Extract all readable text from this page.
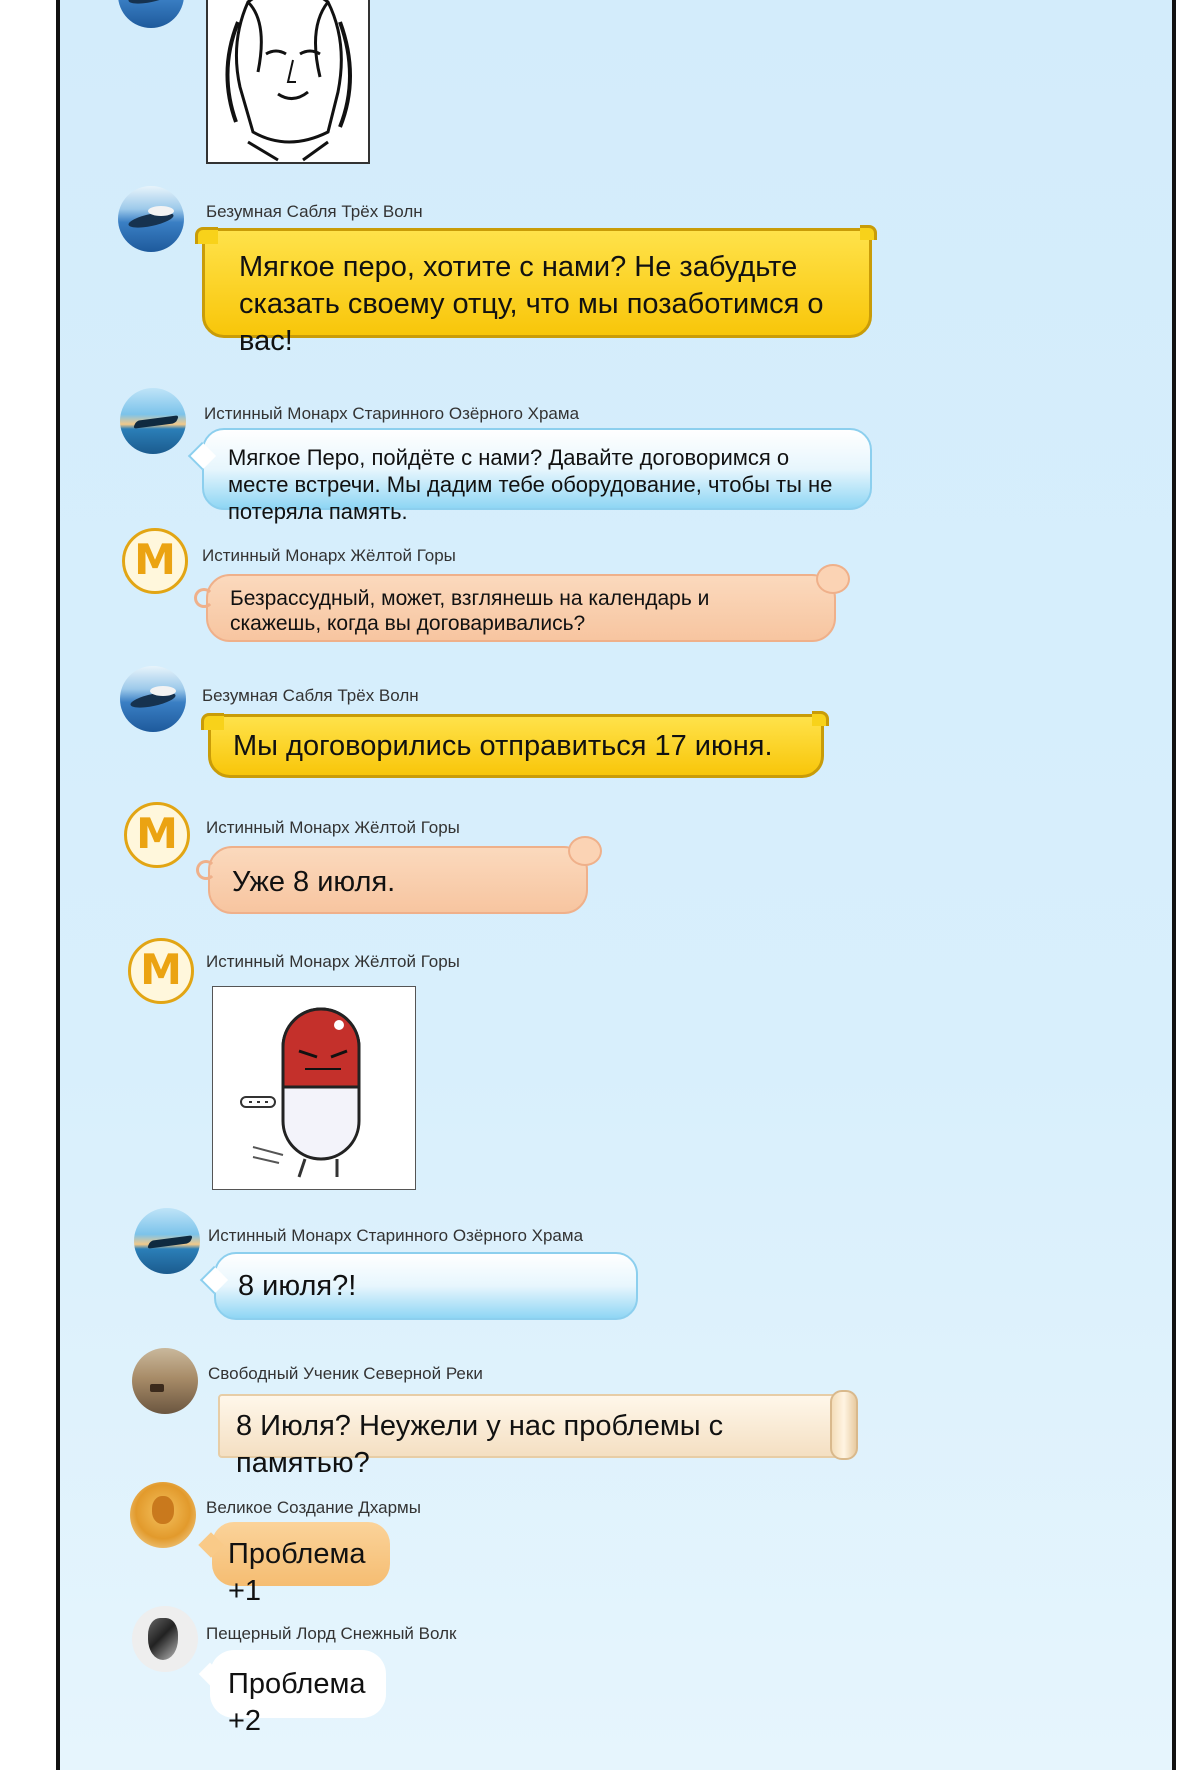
Безумная Сабля Трёх Волн
Мягкое перо, хотите с нами? Не забудьте сказать своему отцу, что мы позаботимся о вас!
Истинный Монарх Старинного Озёрного Храма
Мягкое Перо, пойдёте с нами? Давайте договоримся о месте встречи. Мы дадим тебе оборудование, чтобы ты не потеряла память.
M	Истинный Монарх Жёлтой Горы
Безрассудный, может, взглянешь на календарь и скажешь, когда вы договаривались?
Безумная Сабля Трёх Волн
Мы договорились отправиться 17 июня.
M	Истинный Монарх Жёлтой Горы
Уже 8 июля.
M	Истинный Монарх Жёлтой Горы
Истинный Монарх Старинного Озёрного Храма
8 июля?!
Свободный Ученик Северной Реки
8 Июля? Неужели у нас проблемы с памятью?
Великое Создание Дхармы
Проблема +1
Пещерный Лорд Снежный Волк
Проблема +2
